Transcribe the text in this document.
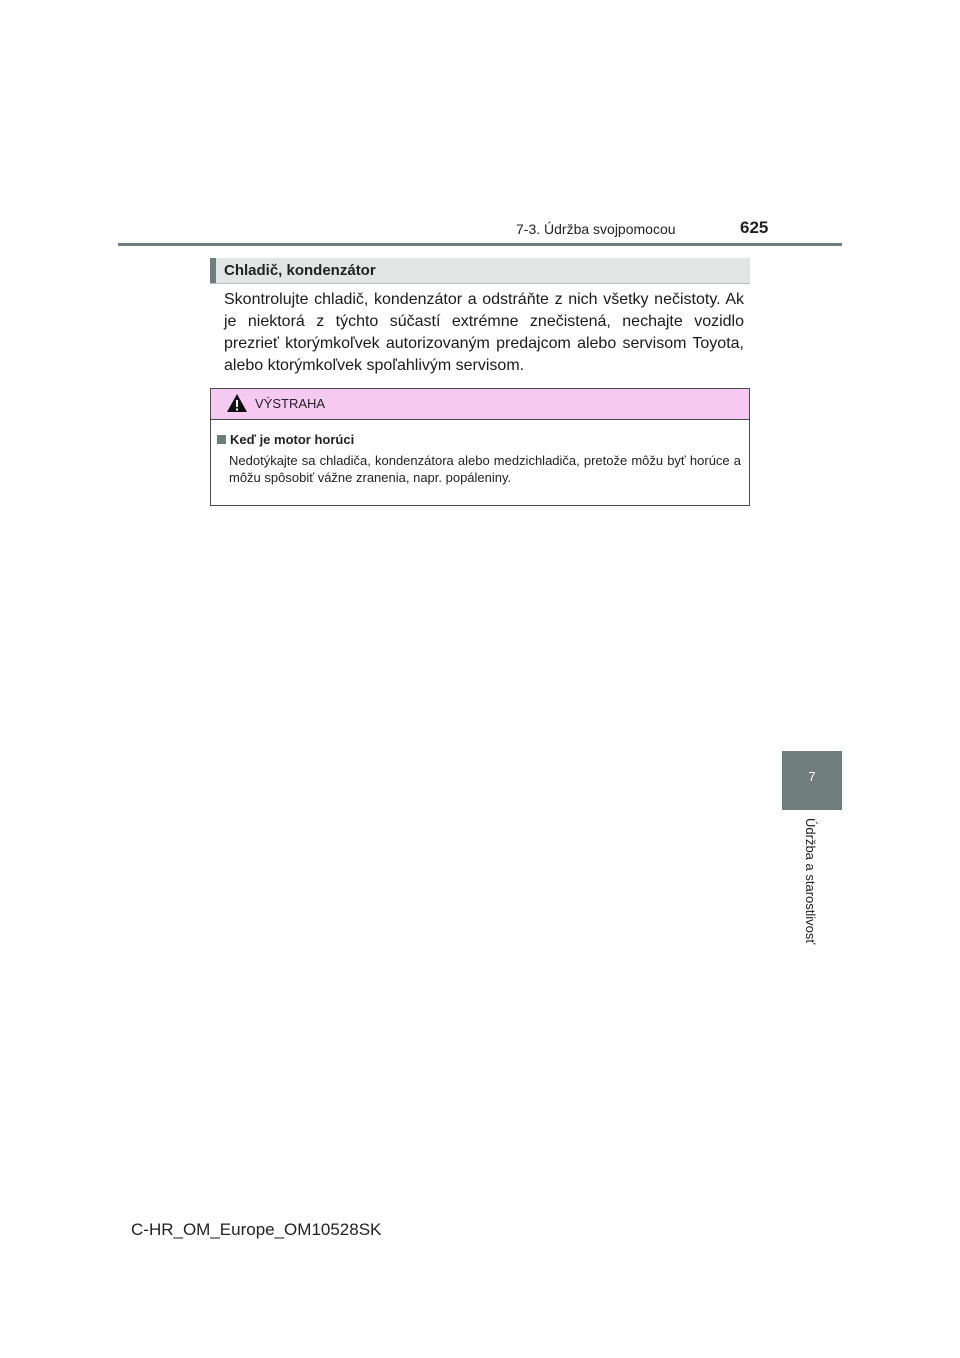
7-3. Údržba svojpomocou	625
Chladič, kondenzátor
Skontrolujte chladič, kondenzátor a odstráňte z nich všetky nečistoty. Ak je niektorá z týchto súčastí extrémne znečistená, nechajte vozidlo prezrieť ktorýmkoľvek autorizovaným predajcom alebo servisom Toyota, alebo ktorýmkoľvek spoľahlivým servisom.
VÝSTRAHA
Keď je motor horúci
Nedotýkajte sa chladiča, kondenzátora alebo medzichladiča, pretože môžu byť horúce a môžu spôsobiť vážne zranenia, napr. popáleniny.
7
Údržba a starostlivosť
C-HR_OM_Europe_OM10528SK
